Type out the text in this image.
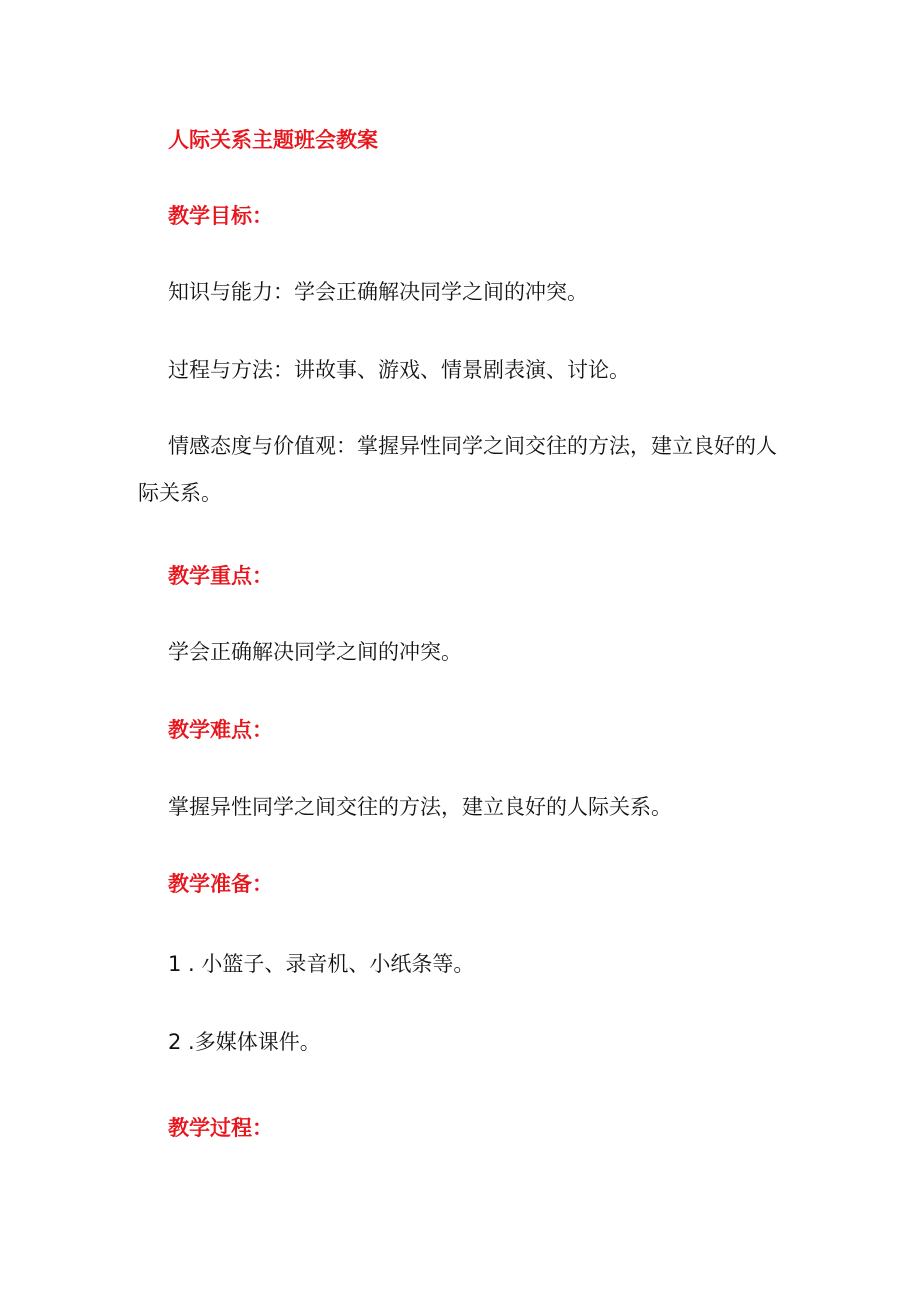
人际关系主题班会教案
教学目标：

知识与能力：学会正确解决同学之间的冲突。

过程与方法：讲故事、游戏、情景剧表演、讨论。

情感态度与价值观：掌握异性同学之间交往的方法，建立良好的人际关系。

教学重点：

学会正确解决同学之间的冲突。

教学难点：

掌握异性同学之间交往的方法，建立良好的人际关系。

教学准备：

1 . 小篮子、录音机、小纸条等。

2 .多媒体课件。

教学过程：
